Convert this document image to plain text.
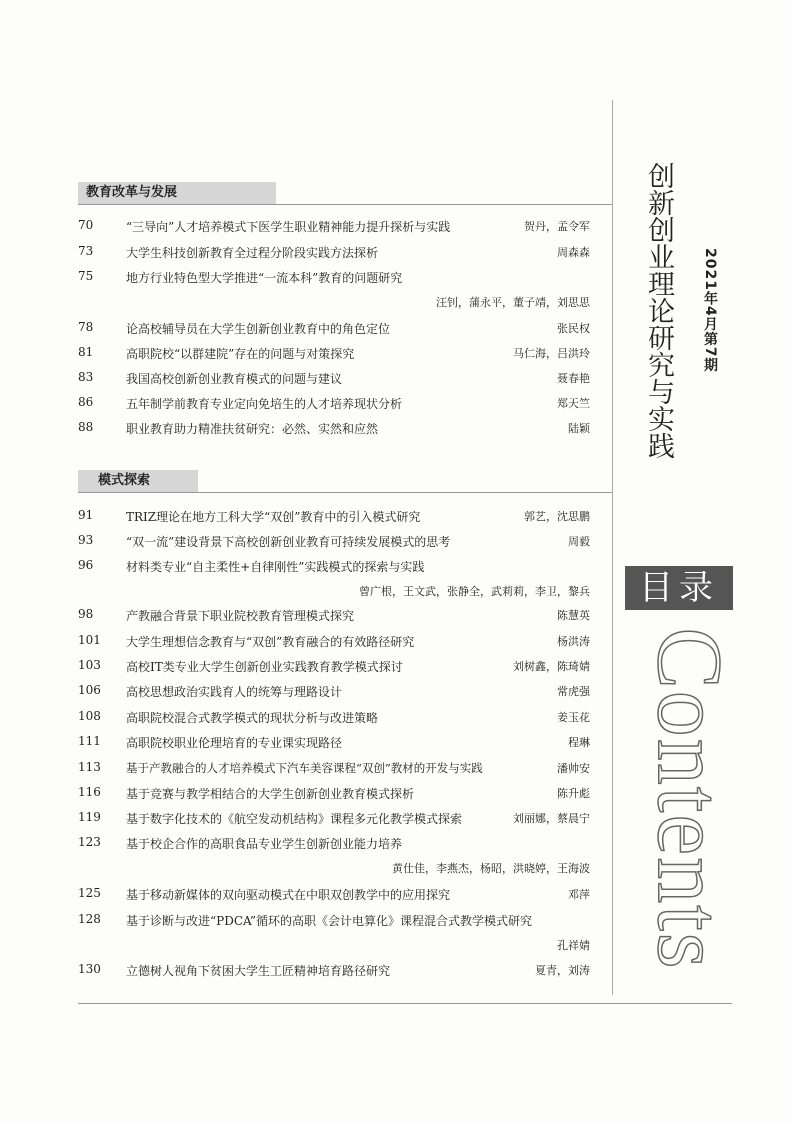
创新创业理论研究与实践 2021年4月第7期
目录
Contents
教育改革与发展
70	“三导向”人才培养模式下医学生职业精神能力提升探析与实践	贺丹，孟令军
73	大学生科技创新教育全过程分阶段实践方法探析	周森森
75	地方行业特色型大学推进“一流本科”教育的问题研究
汪钊，蒲永平，董子靖，刘思思
78	论高校辅导员在大学生创新创业教育中的角色定位	张民权
81	高职院校“以群建院”存在的问题与对策探究	马仁海，吕洪玲
83	我国高校创新创业教育模式的问题与建议	聂春艳
86	五年制学前教育专业定向免培生的人才培养现状分析	郑天竺
88	职业教育助力精准扶贫研究：必然、实然和应然	陆颖
模式探索
91	TRIZ理论在地方工科大学“双创”教育中的引入模式研究	郭艺，沈思鹏
93	“双一流”建设背景下高校创新创业教育可持续发展模式的思考	周毅
96	材料类专业“自主柔性+自律刚性”实践模式的探索与实践
曾广根，王文武，张静全，武莉莉，李卫，黎兵
98	产教融合背景下职业院校教育管理模式探究	陈慧英
101 大学生理想信念教育与“双创”教育融合的有效路径研究	杨洪涛
103 高校IT类专业大学生创新创业实践教育教学模式探讨	刘树鑫，陈琦婧
106 高校思想政治实践育人的统筹与理路设计	常虎强
108 高职院校混合式教学模式的现状分析与改进策略	姜玉花
111 高职院校职业伦理培育的专业课实现路径	程琳
113 基于产教融合的人才培养模式下汽车美容课程“双创”教材的开发与实践	潘帅安
116 基于竞赛与教学相结合的大学生创新创业教育模式探析	陈升彪
119 基于数字化技术的《航空发动机结构》课程多元化教学模式探索	刘丽娜，蔡晨宁
123 基于校企合作的高职食品专业学生创新创业能力培养
黄仕佳，李燕杰，杨昭，洪晓婷，王海波
125 基于移动新媒体的双向驱动模式在中职双创教学中的应用探究	邓萍
128 基于诊断与改进“PDCA”循环的高职《会计电算化》课程混合式教学模式研究
孔祥婧
130 立德树人视角下贫困大学生工匠精神培育路径研究	夏青，刘涛
